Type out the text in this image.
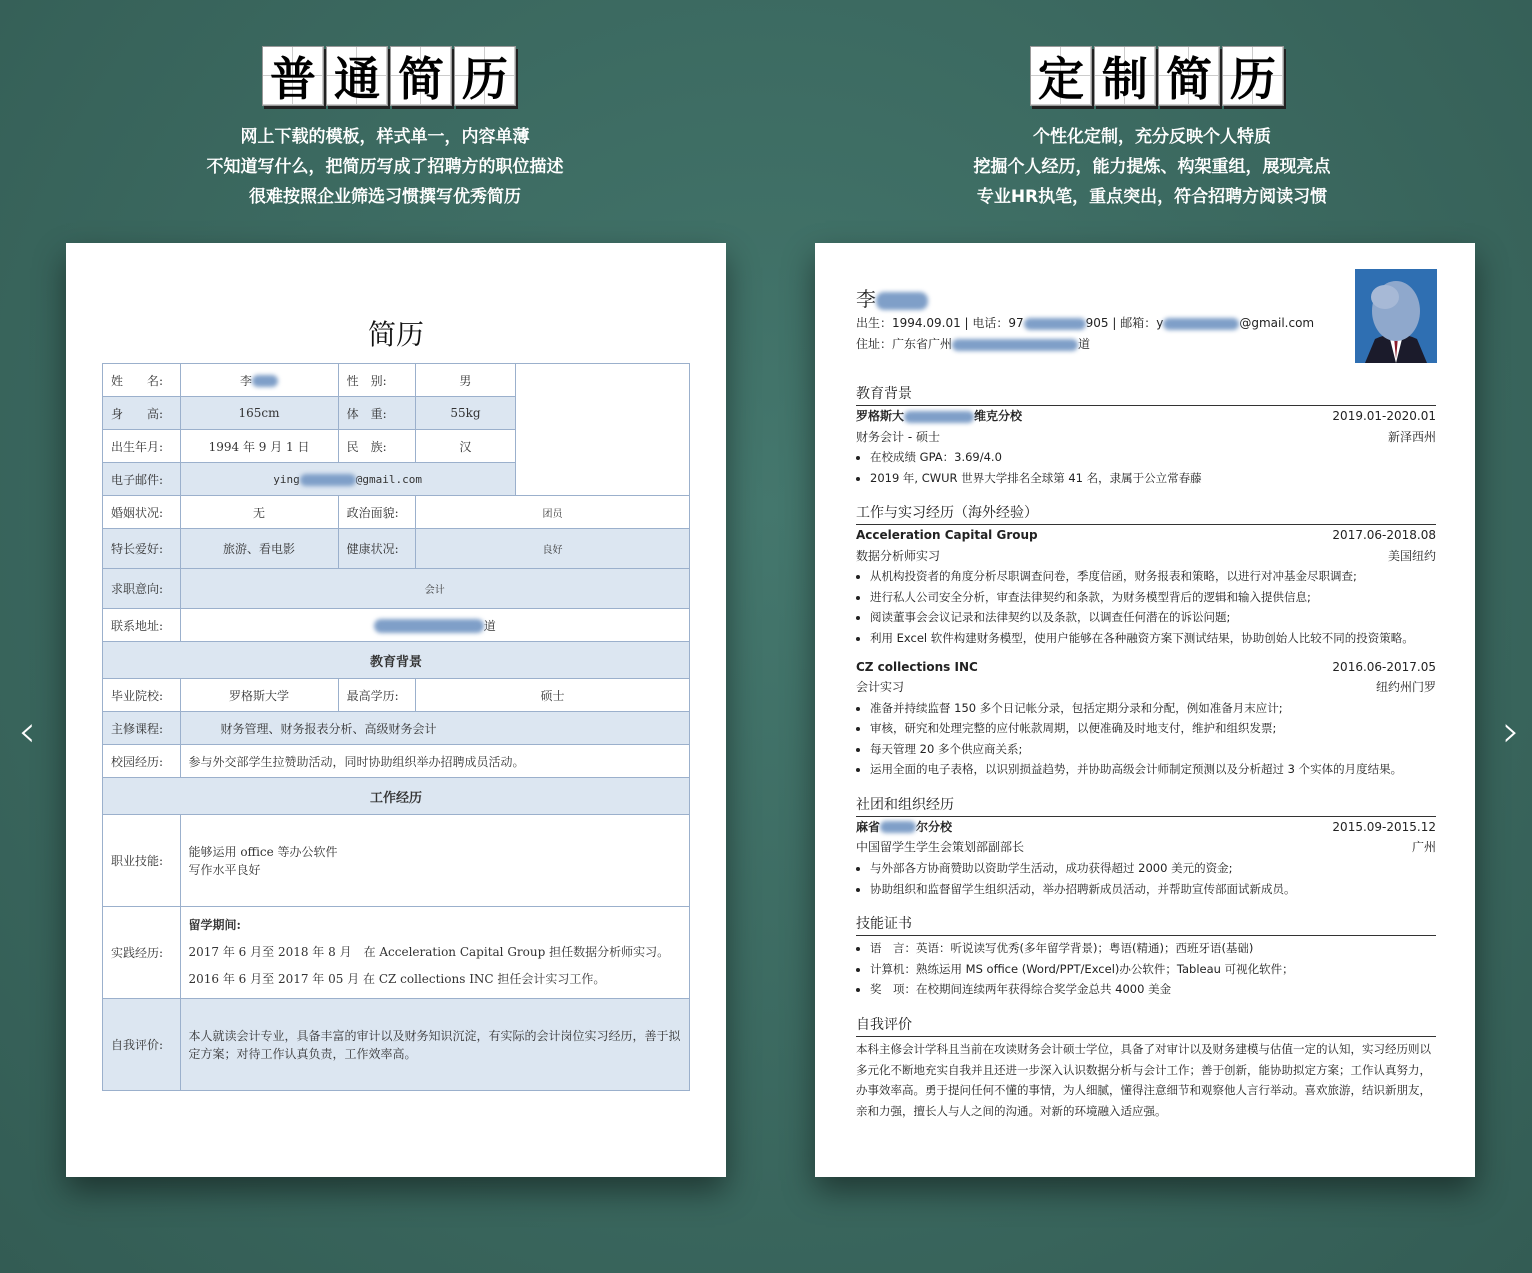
普 通 简 历
网上下载的模板，样式单一，内容单薄
不知道写什么，把简历写成了招聘方的职位描述
很难按照企业筛选习惯撰写优秀简历
定 制 简 历
个性化定制，充分反映个人特质
挖掘个人经历，能力提炼、构架重组，展现亮点
专业HR执笔，重点突出，符合招聘方阅读习惯
简历
姓　　名:	李	性　别:	男	
身　　高:	165cm	体　重:	55kg	
出生年月:	1994 年 9 月 1 日	民　族:	汉	
电子邮件:	ying @gmail.com			
婚姻状况:	无	政治面貌:	团员	
特长爱好:	旅游、看电影	健康状况:	良好	
求职意向:	会计			
联系地址:	道			
教育背景				
毕业院校:	罗格斯大学	最高学历:	硕士	
主修课程:	财务管理、财务报表分析、高级财务会计			
校园经历:	参与外交部学生拉赞助活动，同时协助组织举办招聘成员活动。			
工作经历				
职业技能:	能够运用 office 等办公软件
写作水平良好			

实践经历:	留学期间:
2017 年 6 月至 2018 年 8 月　在 Acceleration Capital Group 担任数据分析师实习。
2016 年 6 月至 2017 年 05 月 在 CZ collections INC 担任会计实习工作。			

自我评价:	本人就读会计专业，具备丰富的审计以及财务知识沉淀，有实际的会计岗位实习经历，善于拟定方案；对待工作认真负责，工作效率高。			
李
出生：1994.09.01 | 电话：97	905 | 邮箱：y	@gmail.com
住址：广东省广州	道
教育背景
罗格斯大	维克分校	2019.01-2020.01
财务会计 - 硕士	新泽西州
• 在校成绩 GPA：3.69/4.0
• 2019 年, CWUR 世界大学排名全球第 41 名，隶属于公立常春藤
工作与实习经历（海外经验）
Acceleration Capital Group	2017.06-2018.08
数据分析师实习	美国纽约
• 从机构投资者的角度分析尽职调查问卷，季度信函，财务报表和策略，以进行对冲基金尽职调查;
• 进行私人公司安全分析，审查法律契约和条款，为财务模型背后的逻辑和输入提供信息;
• 阅读董事会会议记录和法律契约以及条款，以调查任何潜在的诉讼问题;
• 利用 Excel 软件构建财务模型，使用户能够在各种融资方案下测试结果，协助创始人比较不同的投资策略。
CZ collections INC	2016.06-2017.05
会计实习	纽约州门罗
• 准备并持续监督 150 多个日记帐分录，包括定期分录和分配，例如准备月末应计;
• 审核，研究和处理完整的应付帐款周期，以便准确及时地支付，维护和组织发票;
• 每天管理 20 多个供应商关系;
• 运用全面的电子表格，以识别损益趋势，并协助高级会计师制定预测以及分析超过 3 个实体的月度结果。
社团和组织经历
麻省	尔分校	2015.09-2015.12
中国留学生学生会策划部副部长	广州
• 与外部各方协商赞助以资助学生活动，成功获得超过 2000 美元的资金;
• 协助组织和监督留学生组织活动，举办招聘新成员活动，并帮助宣传部面试新成员。
技能证书
• 语　言：英语：听说读写优秀(多年留学背景)；粤语(精通)；西班牙语(基础)
• 计算机：熟练运用 MS office (Word/PPT/Excel)办公软件；Tableau 可视化软件；
• 奖　项：在校期间连续两年获得综合奖学金总共 4000 美金
自我评价
本科主修会计学科且当前在攻读财务会计硕士学位，具备了对审计以及财务建模与估值一定的认知，实习经历则以多元化不断地充实自我并且还进一步深入认识数据分析与会计工作；善于创新，能协助拟定方案；工作认真努力，办事效率高。勇于提问任何不懂的事情，为人细腻，懂得注意细节和观察他人言行举动。喜欢旅游，结识新朋友，亲和力强，擅长人与人之间的沟通。对新的环境融入适应强。
‹	›
